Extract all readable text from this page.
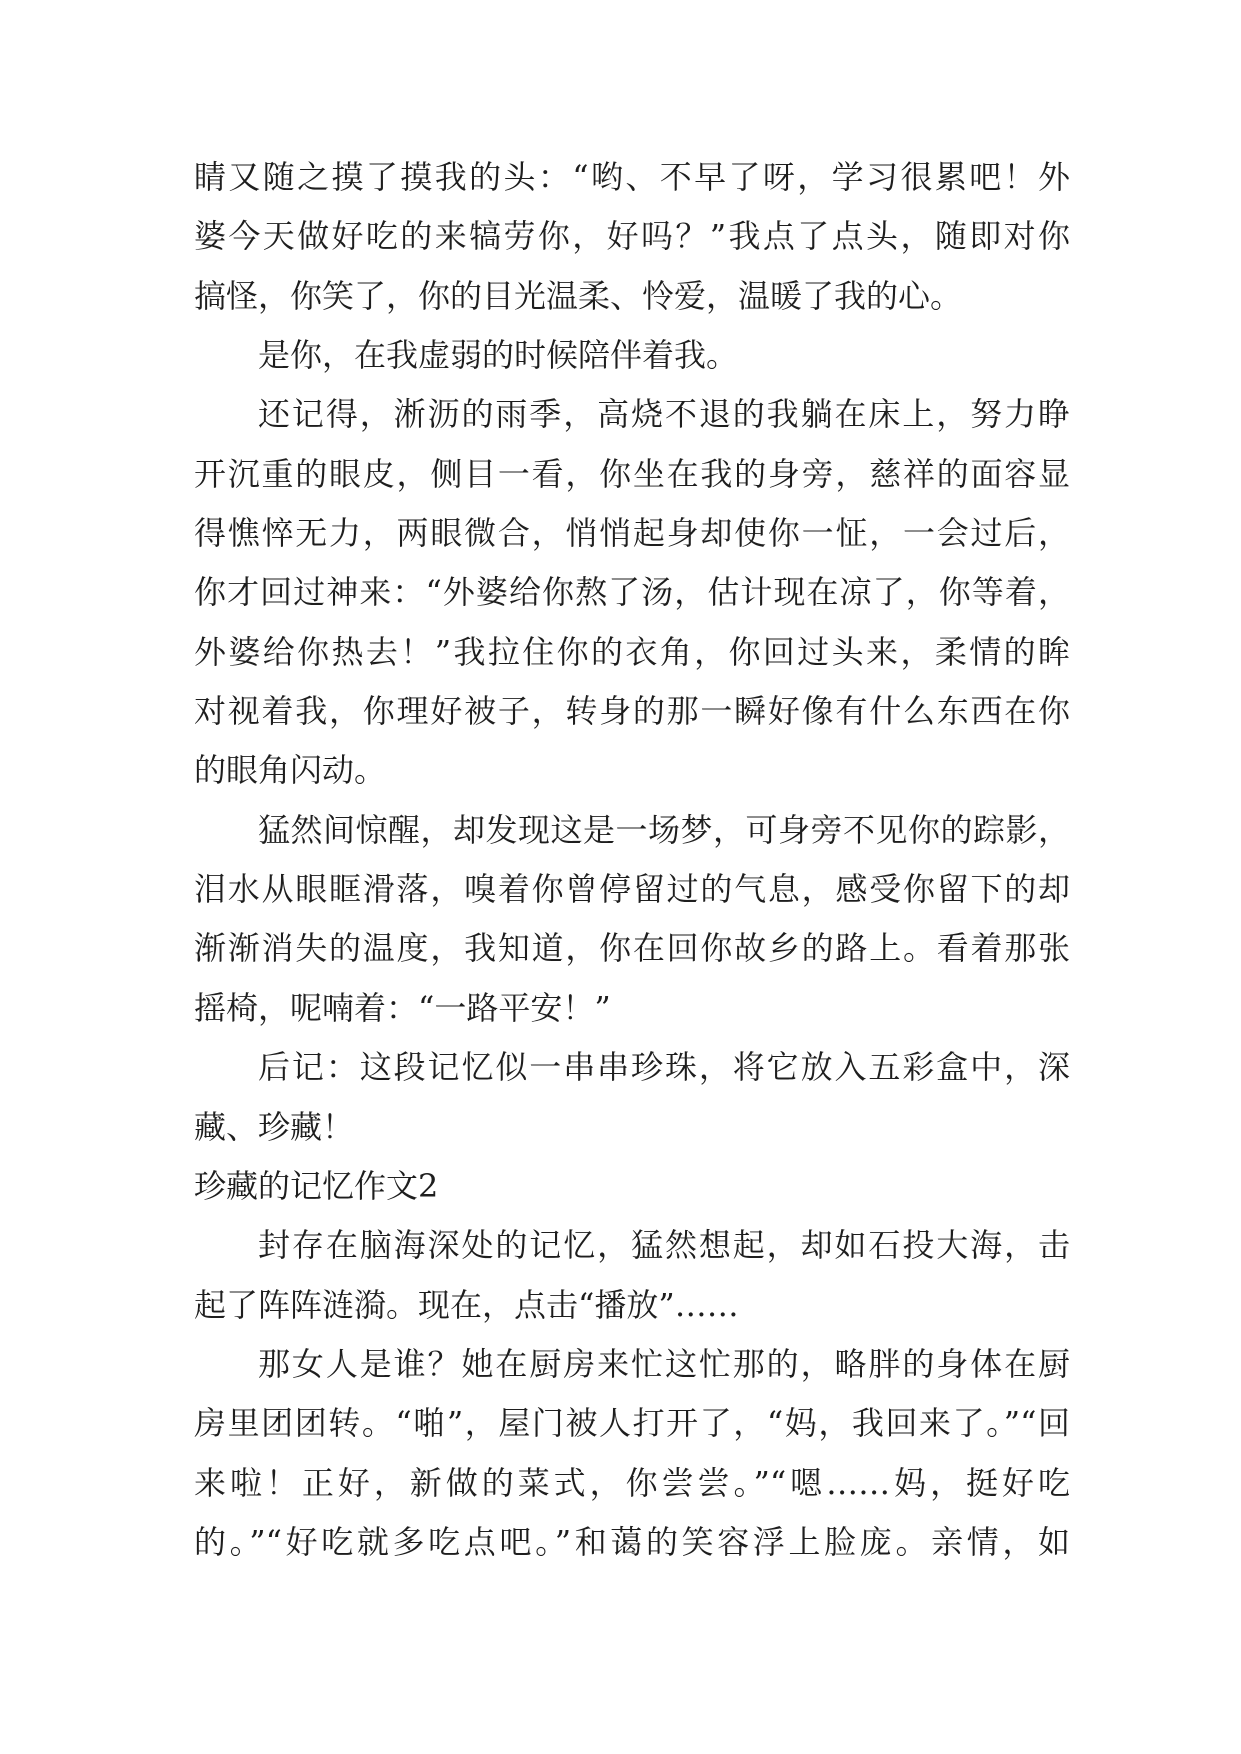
睛又随之摸了摸我的头：“哟、不早了呀，学习很累吧！外
婆今天做好吃的来犒劳你，好吗？”我点了点头，随即对你
搞怪，你笑了，你的目光温柔、怜爱，温暖了我的心。
是你，在我虚弱的时候陪伴着我。
还记得，淅沥的雨季，高烧不退的我躺在床上，努力睁
开沉重的眼皮，侧目一看，你坐在我的身旁，慈祥的面容显
得憔悴无力，两眼微合，悄悄起身却使你一怔，一会过后，
你才回过神来：“外婆给你熬了汤，估计现在凉了，你等着，
外婆给你热去！”我拉住你的衣角，你回过头来，柔情的眸
对视着我，你理好被子，转身的那一瞬好像有什么东西在你
的眼角闪动。
猛然间惊醒，却发现这是一场梦，可身旁不见你的踪影，
泪水从眼眶滑落，嗅着你曾停留过的气息，感受你留下的却
渐渐消失的温度，我知道，你在回你故乡的路上。看着那张
摇椅，呢喃着：“一路平安！”
后记：这段记忆似一串串珍珠，将它放入五彩盒中，深
藏、珍藏！
珍藏的记忆作文2
封存在脑海深处的记忆，猛然想起，却如石投大海，击
起了阵阵涟漪。现在，点击“播放”……
那女人是谁？她在厨房来忙这忙那的，略胖的身体在厨
房里团团转。“啪”，屋门被人打开了，“妈，我回来了。”“回
来啦！正好，新做的菜式，你尝尝。”“嗯……妈，挺好吃
的。”“好吃就多吃点吧。”和蔼的笑容浮上脸庞。亲情，如
